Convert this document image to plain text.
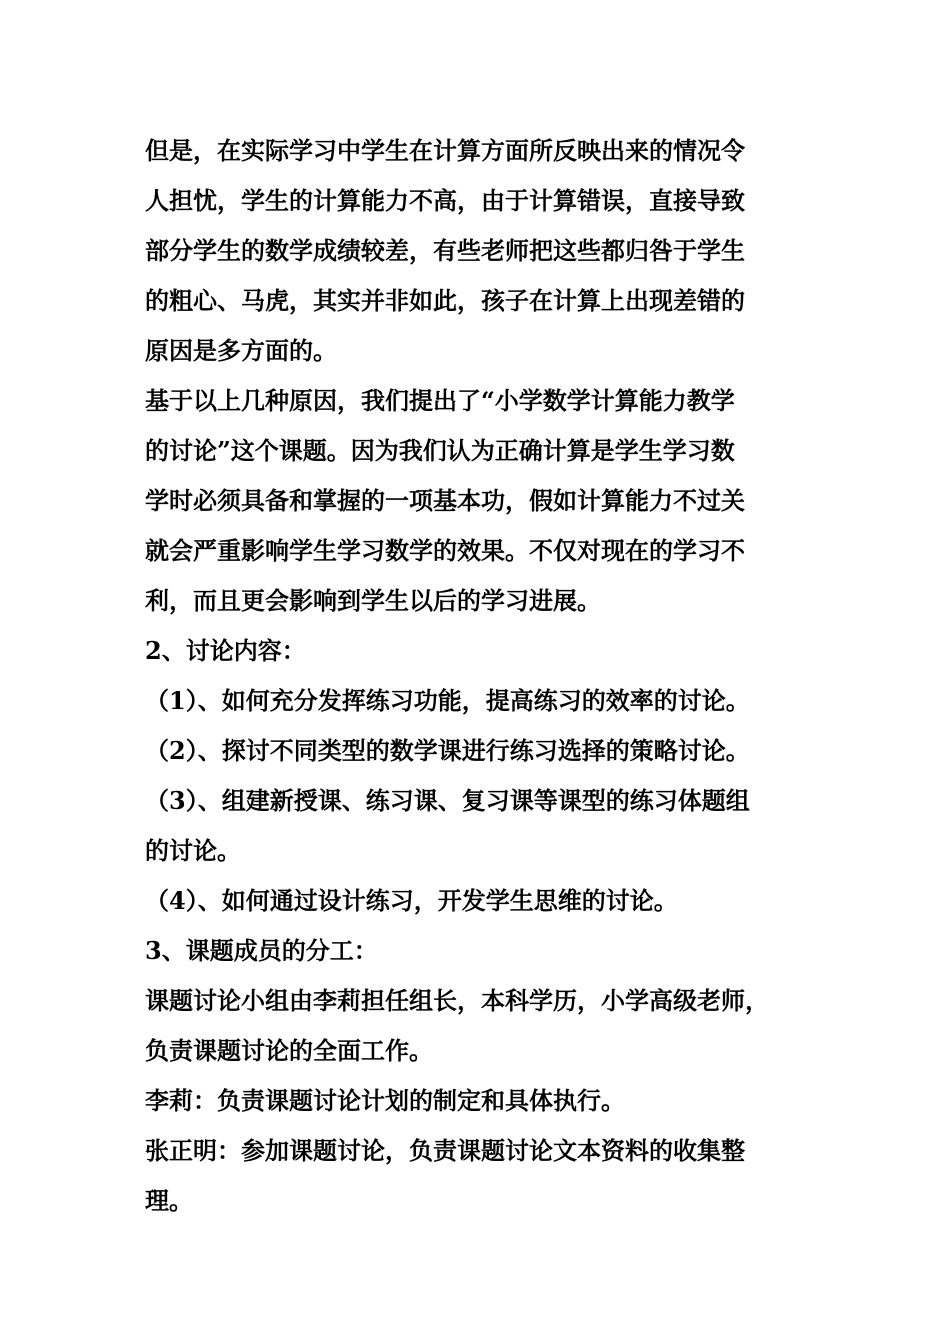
但是，在实际学习中学生在计算方面所反映出来的情况令
人担忧，学生的计算能力不高，由于计算错误，直接导致
部分学生的数学成绩较差，有些老师把这些都归咎于学生
的粗心、马虎，其实并非如此，孩子在计算上出现差错的
原因是多方面的。
基于以上几种原因，我们提出了“小学数学计算能力教学
的讨论”这个课题。因为我们认为正确计算是学生学习数
学时必须具备和掌握的一项基本功，假如计算能力不过关
就会严重影响学生学习数学的效果。不仅对现在的学习不
利，而且更会影响到学生以后的学习进展。
2、讨论内容：
（1）、如何充分发挥练习功能，提高练习的效率的讨论。
（2）、探讨不同类型的数学课进行练习选择的策略讨论。
（3）、组建新授课、练习课、复习课等课型的练习体题组
的讨论。
（4）、如何通过设计练习，开发学生思维的讨论。
3、课题成员的分工：
课题讨论小组由李莉担任组长，本科学历，小学高级老师，
负责课题讨论的全面工作。
李莉：负责课题讨论计划的制定和具体执行。
张正明：参加课题讨论，负责课题讨论文本资料的收集整
理。
